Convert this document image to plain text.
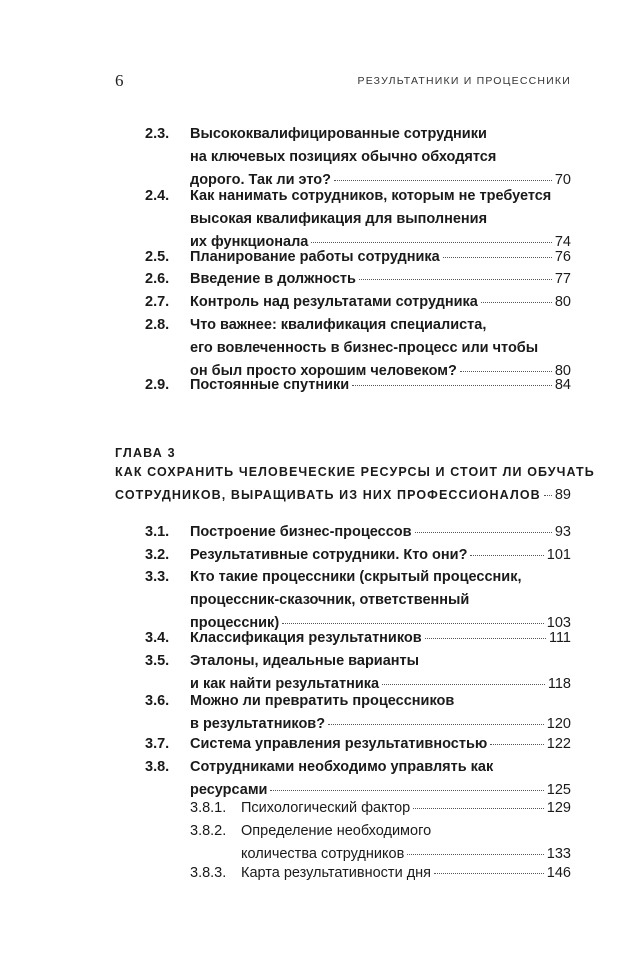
6	РЕЗУЛЬТАТНИКИ И ПРОЦЕССНИКИ
2.3. Высококвалифицированные сотрудники
на ключевых позициях обычно обходятся
дорого. Так ли это?	70
2.4. Как нанимать сотрудников, которым не требуется
высокая квалификация для выполнения
их функционала	74
2.5. Планирование работы сотрудника	76
2.6. Введение в должность	77
2.7. Контроль над результатами сотрудника	80
2.8. Что важнее: квалификация специалиста,
его вовлеченность в бизнес-процесс или чтобы
он был просто хорошим человеком?	80
2.9. Постоянные спутники	84
ГЛАВА 3
КАК СОХРАНИТЬ ЧЕЛОВЕЧЕСКИЕ РЕСУРСЫ И СТОИТ ЛИ ОБУЧАТЬ
СОТРУДНИКОВ, ВЫРАЩИВАТЬ ИЗ НИХ ПРОФЕССИОНАЛОВ 89
3.1. Построение бизнес-процессов	93
3.2. Результативные сотрудники. Кто они?	101
3.3. Кто такие процессники (скрытый процессник,
процессник-сказочник, ответственный
процессник)	103
3.4. Классификация результатников	111
3.5. Эталоны, идеальные варианты
и как найти результатника	118
3.6. Можно ли превратить процессников
в результатников?	120
3.7. Система управления результативностью	122
3.8. Сотрудниками необходимо управлять как
ресурсами	125
3.8.1. Психологический фактор	129
3.8.2. Определение необходимого
количества сотрудников	133
3.8.3. Карта результативности дня	146
